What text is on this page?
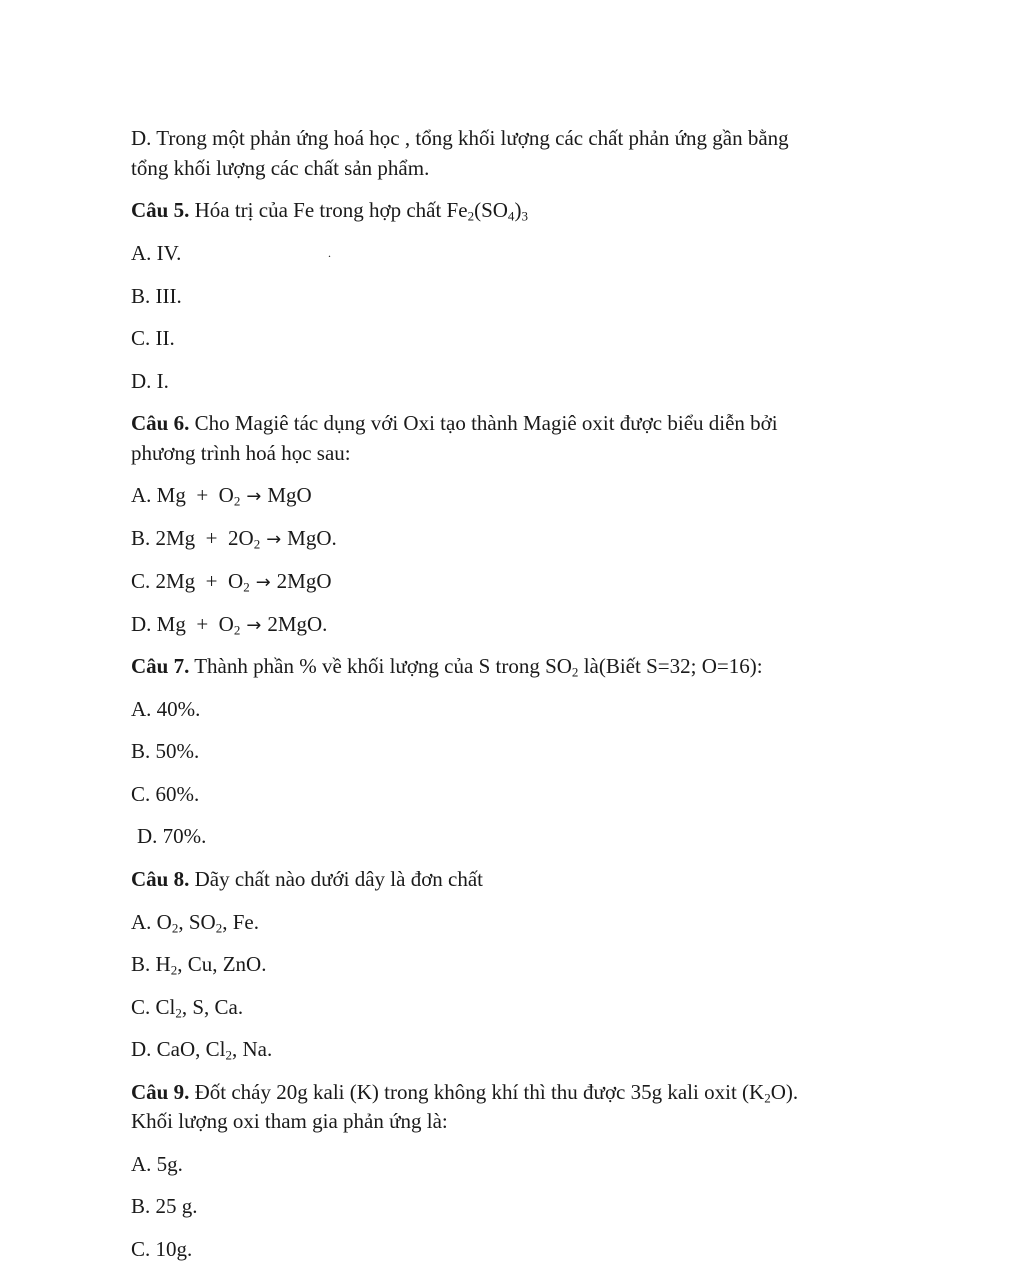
D. Trong một phản ứng hoá học , tổng khối lượng các chất phản ứng gần bằng
tổng khối lượng các chất sản phẩm.
Câu 5. Hóa trị của Fe trong hợp chất $Fe_2(SO_4)_3$
A. IV.	.
B. III.
C. II.
D. I.
Câu 6. Cho Magiê tác dụng với Oxi tạo thành Magiê oxit được biểu diễn bởi
phương trình hoá học sau:
A. $Mg + O_2$ → MgO
B. $2Mg + 2O_2$ → MgO.
C. $2Mg + O_2 \to 2MgO$
D. $Mg + O_2 \to 2MgO$.
Câu 7. Thành phần % về khối lượng của S trong $SO_2$ là(Biết S=32; O=16):
A. 40%.
B. 50%.
C. 60%.
D. 70%.
Câu 8. Dãy chất nào dưới dây là đơn chất
A. $O_2$, $SO_2$, Fe.
B. $H_2$, Cu, ZnO.
C. $Cl_2$, S, Ca.
D. CaO, $Cl_2$, Na.
Câu 9. Đốt cháy 20g kali (K) trong không khí thì thu được 35g kali oxit $(K_2O)$.
Khối lượng oxi tham gia phản ứng là:
A. 5g.
B. 25 g.
C. 10g.
